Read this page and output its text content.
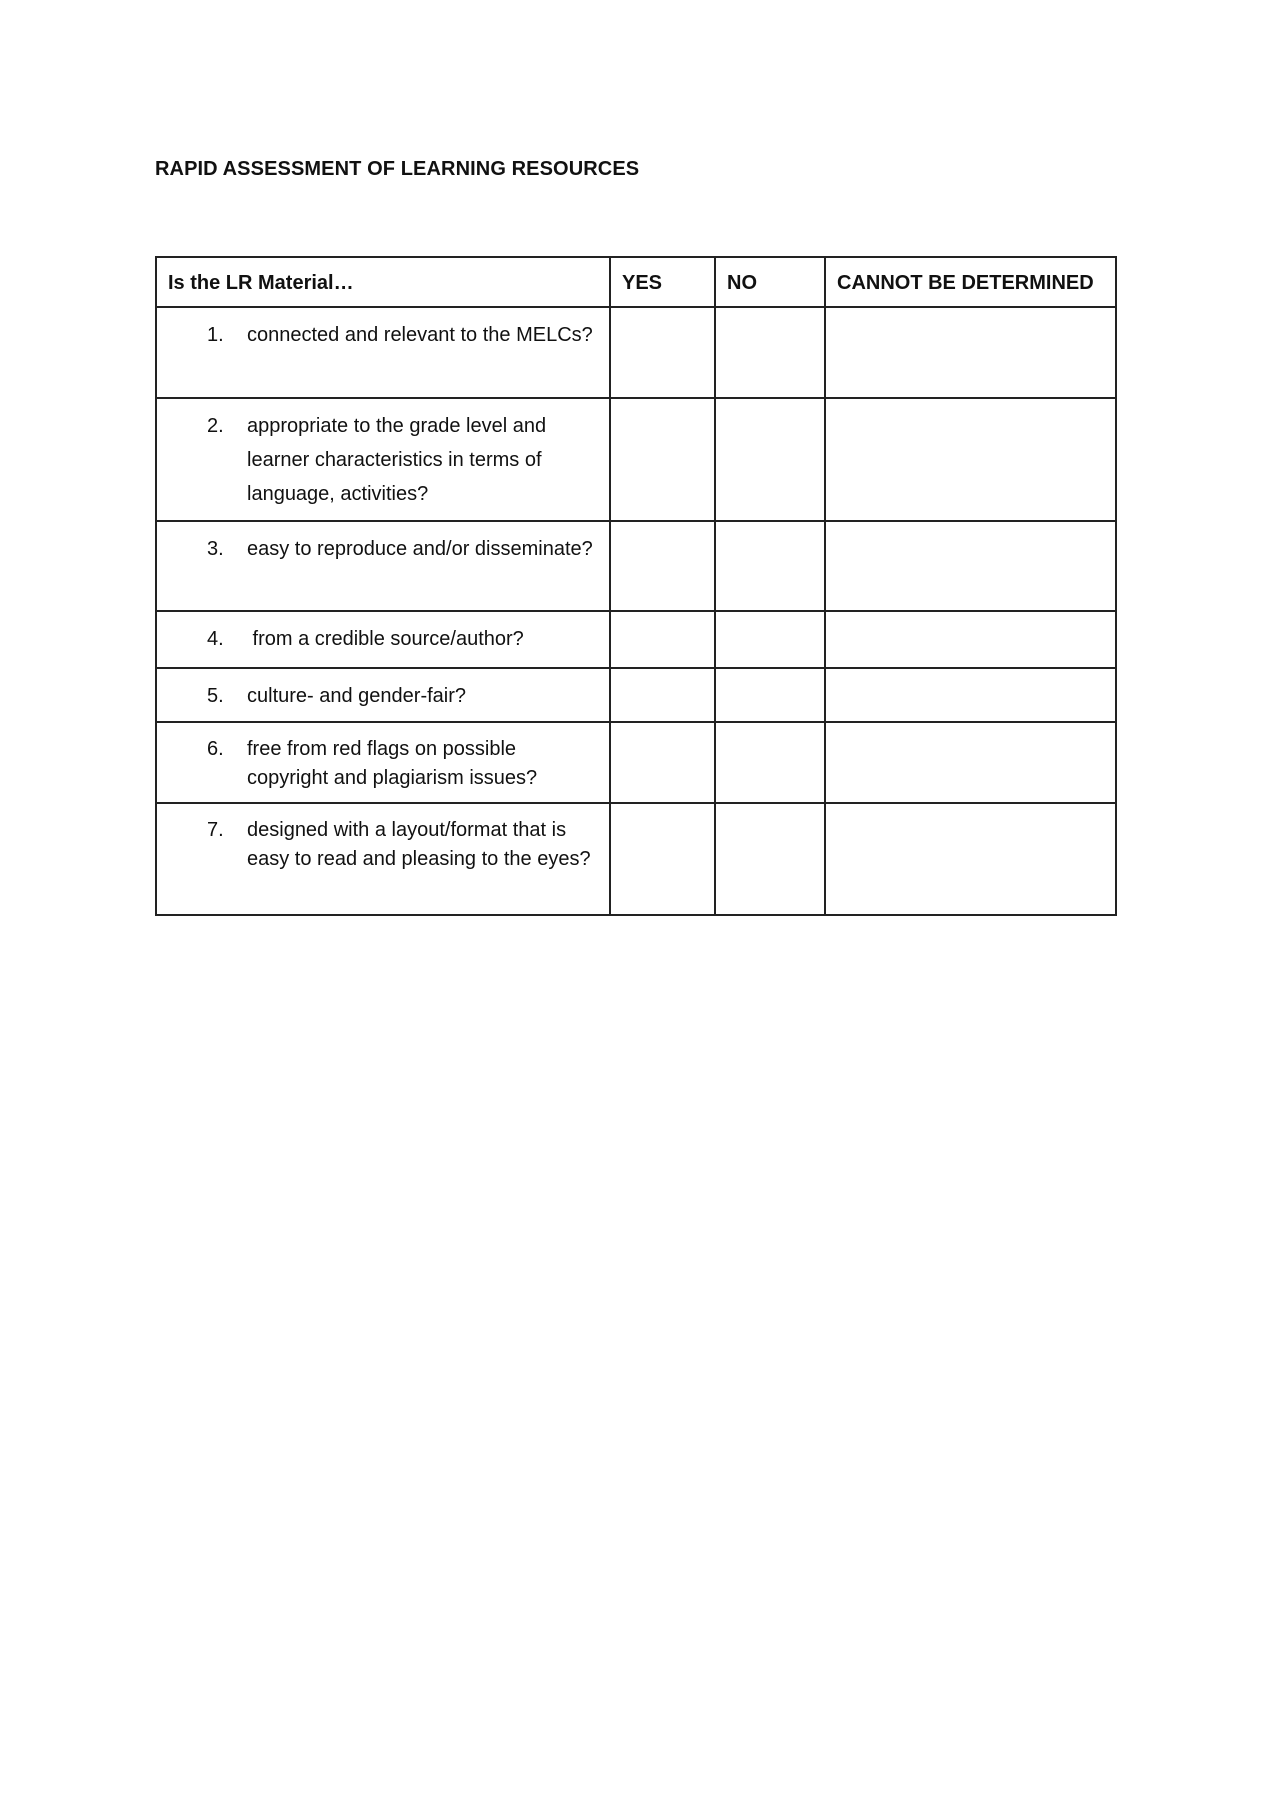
RAPID ASSESSMENT OF LEARNING RESOURCES
Is the LR Material…	YES	NO	CANNOT BE DETERMINED

1. connected and relevant to the MELCs?			

2. appropriate to the grade level and learner characteristics in terms of language, activities?			

3. easy to reproduce and/or disseminate?			

4. from a credible source/author?			

5. culture- and gender-fair?			

6. free from red flags on possible copyright and plagiarism issues?			

7. designed with a layout/format that is easy to read and pleasing to the eyes?			
